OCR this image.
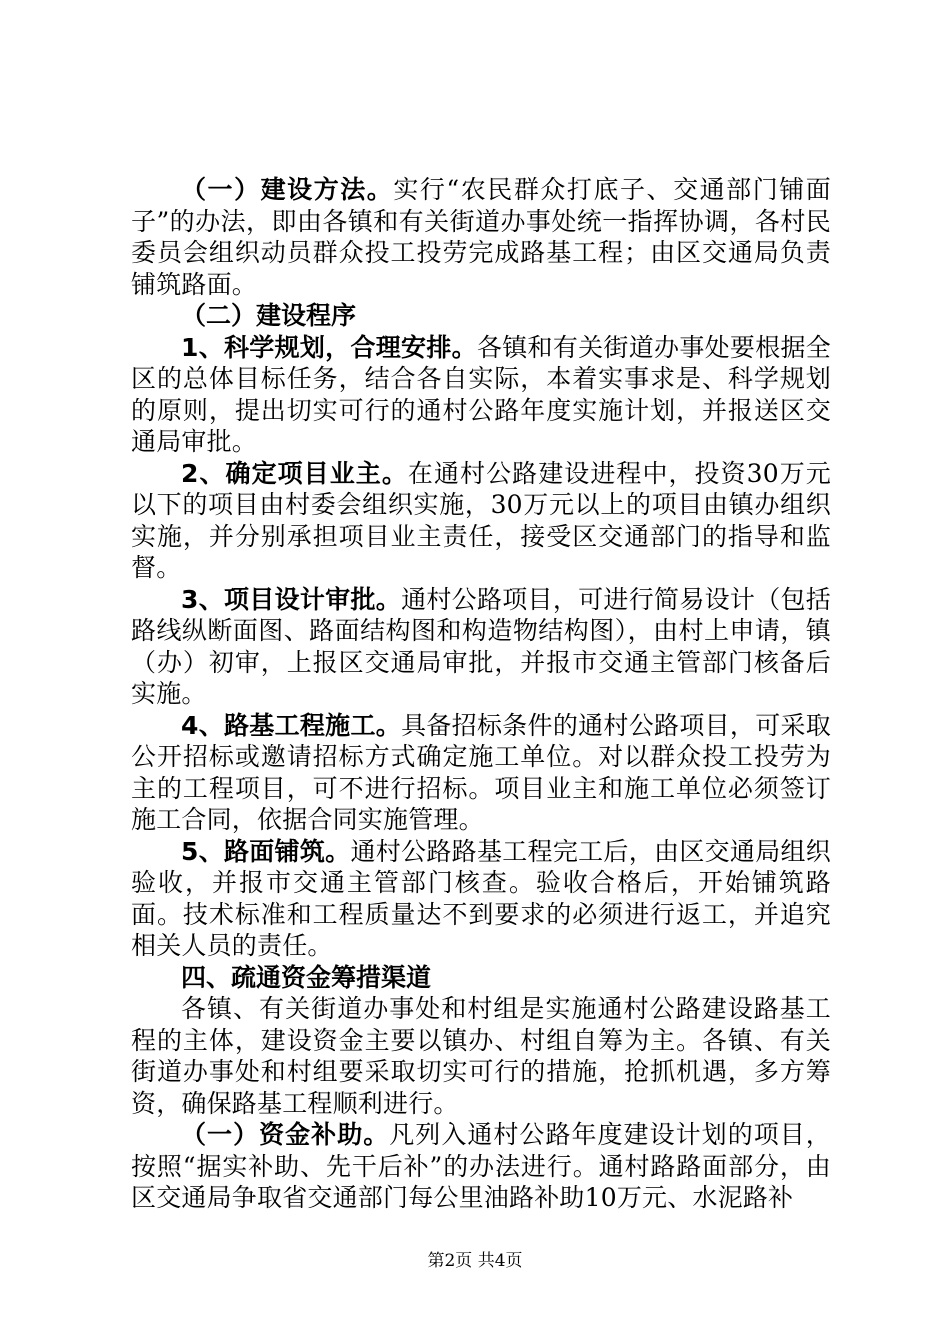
（一）建设方法。实行“农民群众打底子、交通部门铺面子”的办法，即由各镇和有关街道办事处统一指挥协调，各村民委员会组织动员群众投工投劳完成路基工程；由区交通局负责铺筑路面。

（二）建设程序

1、科学规划，合理安排。各镇和有关街道办事处要根据全区的总体目标任务，结合各自实际，本着实事求是、科学规划的原则，提出切实可行的通村公路年度实施计划，并报送区交通局审批。

2、确定项目业主。在通村公路建设进程中，投资30万元以下的项目由村委会组织实施，30万元以上的项目由镇办组织实施，并分别承担项目业主责任，接受区交通部门的指导和监督。

3、项目设计审批。通村公路项目，可进行简易设计（包括路线纵断面图、路面结构图和构造物结构图），由村上申请，镇（办）初审，上报区交通局审批，并报市交通主管部门核备后实施。

4、路基工程施工。具备招标条件的通村公路项目，可采取公开招标或邀请招标方式确定施工单位。对以群众投工投劳为主的工程项目，可不进行招标。项目业主和施工单位必须签订施工合同，依据合同实施管理。

5、路面铺筑。通村公路路基工程完工后，由区交通局组织验收，并报市交通主管部门核查。验收合格后，开始铺筑路面。技术标准和工程质量达不到要求的必须进行返工，并追究相关人员的责任。

四、疏通资金筹措渠道

各镇、有关街道办事处和村组是实施通村公路建设路基工程的主体，建设资金主要以镇办、村组自筹为主。各镇、有关街道办事处和村组要采取切实可行的措施，抢抓机遇，多方筹资，确保路基工程顺利进行。

（一）资金补助。凡列入通村公路年度建设计划的项目，按照“据实补助、先干后补”的办法进行。通村路路面部分，由区交通局争取省交通部门每公里油路补助10万元、水泥路补

第2页 共4页
